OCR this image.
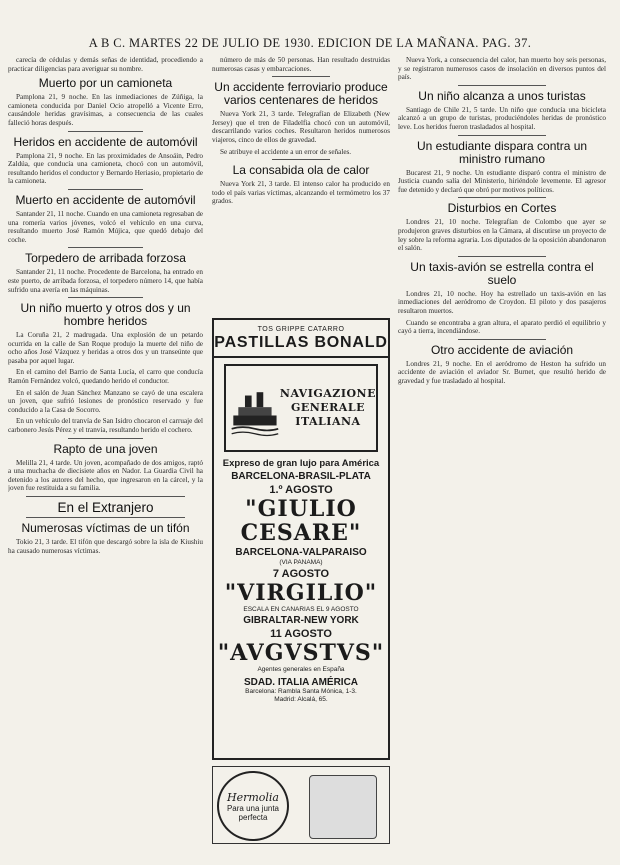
A B C. MARTES 22 DE JULIO DE 1930. EDICION DE LA MAÑANA. PAG. 37.

carecía de cédulas y demás señas de identidad, procediendo a practicar diligencias para averiguar su nombre.

Muerto por un camioneta

Pamplona 21, 9 noche. En las inmediaciones de Zúñiga, la camioneta conducida por Daniel Ocio atropelló a Vicente Erro, causándole heridas gravísimas, a consecuencia de las cuales falleció horas después.

Heridos en accidente de automóvil

Pamplona 21, 9 noche. En las proximidades de Ansoáin, Pedro Zaldúa, que conducía una camioneta, chocó con un automóvil, resultando heridos el conductor y Bernardo Heriasio, propietario de la camioneta.

Muerto en accidente de automóvil

Santander 21, 11 noche. Cuando en una camioneta regresaban de una romería varios jóvenes, volcó el vehículo en una curva, resultando muerto José Ramón Mújica, que quedó debajo del coche.

Torpedero de arribada forzosa

Santander 21, 11 noche. Procedente de Barcelona, ha entrado en este puerto, de arribada forzosa, el torpedero número 14, que había sufrido una avería en las máquinas.

Un niño muerto y otros dos y un hombre heridos

La Coruña 21, 2 madrugada. Una explosión de un petardo ocurrida en la calle de San Roque produjo la muerte del niño de ocho años José Vázquez y heridas a otros dos y un transeúnte que pasaba por aquel lugar.

En el camino del Barrio de Santa Lucía, el carro que conducía Ramón Fernández volcó, quedando herido el conductor.

En el salón de Juan Sánchez Manzano se cayó de una escalera un joven, que sufrió lesiones de pronóstico reservado y fue conducido a la Casa de Socorro.

En un vehículo del tranvía de San Isidro chocaron el carruaje del carbonero Jesús Pérez y el tranvía, resultando herido el cochero.

Rapto de una joven

Melilla 21, 4 tarde. Un joven, acompañado de dos amigos, raptó a una muchacha de diecisiete años en Nador. La Guardia Civil ha detenido a los autores del hecho, que ingresaron en la cárcel, y la joven fue restituida a su familia.

En el Extranjero
Numerosas víctimas de un tifón

Tokio 21, 3 tarde. El tifón que descargó sobre la isla de Kiushiu ha causado numerosas víctimas.

número de más de 50 personas. Han resultado destruidas numerosas casas y embarcaciones.

Un accidente ferroviario produce varios centenares de heridos

Nueva York 21, 3 tarde. Telegrafían de Elizabeth (New Jersey) que el tren de Filadelfia chocó con un automóvil, descarrilando varios coches. Resultaron heridos numerosos viajeros, cinco de ellos de gravedad.

Se atribuye el accidente a un error de señales.

La consabida ola de calor

Nueva York 21, 3 tarde. El intenso calor ha producido en todo el país varias víctimas, alcanzando el termómetro los 37 grados.

TOS GRIPPE CATARRO
PASTILLAS BONALD
NAVIGAZIONE
GENERALE
ITALIANA
Expreso de gran lujo para América
BARCELONA-BRASIL-PLATA
1.º AGOSTO
"GIULIO CESARE"
BARCELONA-VALPARAISO
(VIA PANAMA)
7 AGOSTO
"VIRGILIO"
ESCALA EN CANARIAS EL 9 AGOSTO
GIBRALTAR-NEW YORK
11 AGOSTO
"AVGVSTVS"
Agentes generales en España
SDAD. ITALIA AMÉRICA
Barcelona: Rambla Santa Mónica, 1-3.
Madrid: Alcalá, 65.
Hermolia
Para una junta
perfecta

Nueva York, a consecuencia del calor, han muerto hoy seis personas, y se registraron numerosos casos de insolación en diversos puntos del país.

Un niño alcanza a unos turistas

Santiago de Chile 21, 5 tarde. Un niño que conducía una bicicleta alcanzó a un grupo de turistas, produciéndoles heridas de pronóstico leve. Los heridos fueron trasladados al hospital.

Un estudiante dispara contra un ministro rumano

Bucarest 21, 9 noche. Un estudiante disparó contra el ministro de Justicia cuando salía del Ministerio, hiriéndole levemente. El agresor fue detenido y declaró que obró por motivos políticos.

Disturbios en Cortes

Londres 21, 10 noche. Telegrafían de Colombo que ayer se produjeron graves disturbios en la Cámara, al discutirse un proyecto de ley sobre la reforma agraria. Los diputados de la oposición abandonaron el salón.

Un taxis-avión se estrella contra el suelo

Londres 21, 10 noche. Hoy ha estrellado un taxis-avión en las inmediaciones del aeródromo de Croydon. El piloto y dos pasajeros resultaron muertos.

Cuando se encontraba a gran altura, el aparato perdió el equilibrio y cayó a tierra, incendiándose.

Otro accidente de aviación

Londres 21, 9 noche. En el aeródromo de Heston ha sufrido un accidente de aviación el aviador Sr. Burnet, que resultó herido de gravedad y fue trasladado al hospital.
